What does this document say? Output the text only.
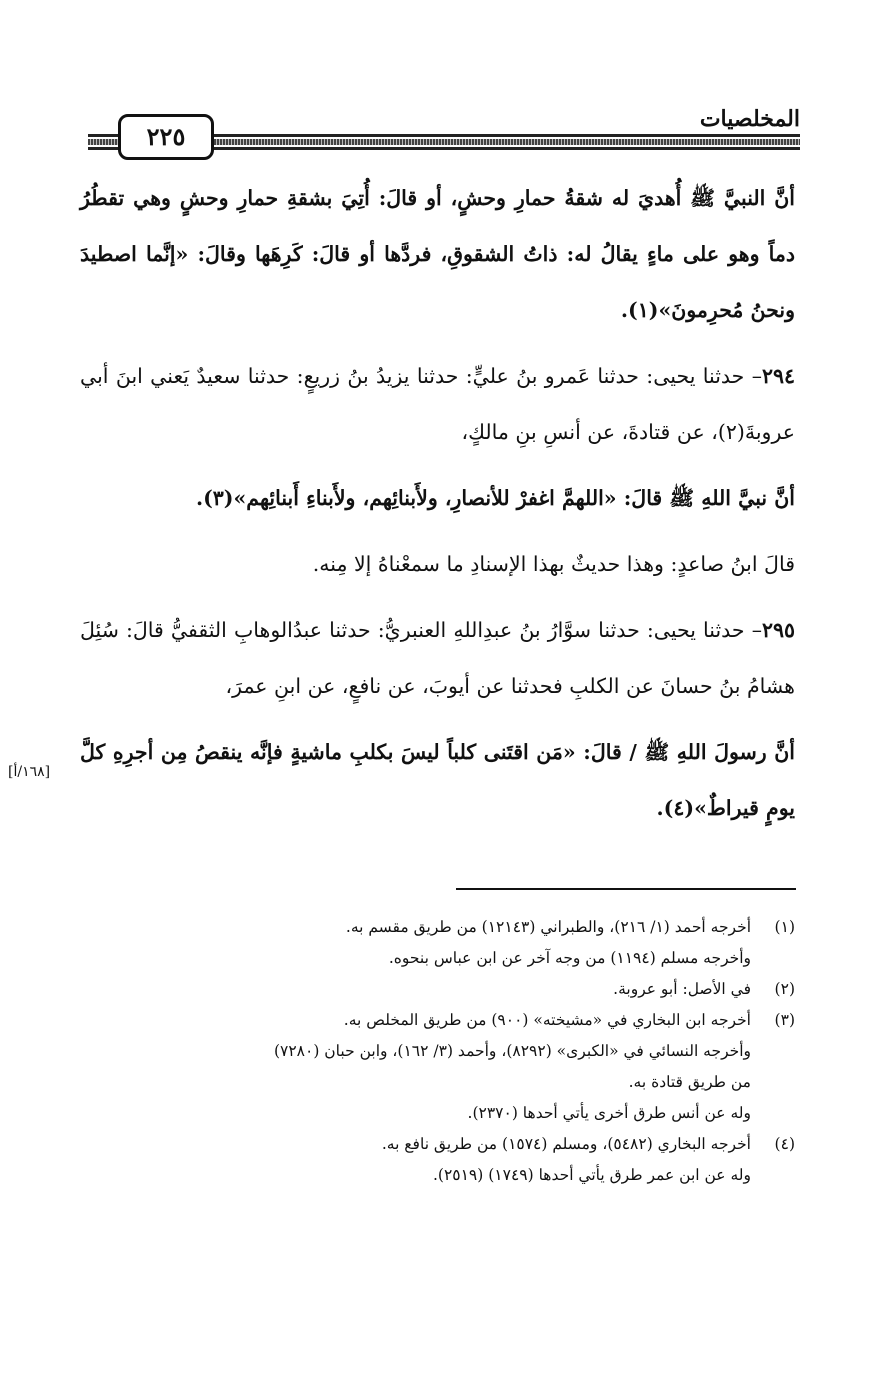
٢٢٥
المخلصيات

أنَّ النبيَّ ﷺ أُهديَ له شقةُ حمارِ وحشٍ، أو قالَ: أُتِيَ بشقةِ حمارِ وحشٍ وهي تقطُرُ دماً وهو على ماءٍ يقالُ له: ذاتُ الشقوقِ، فردَّها أو قالَ: كَرِهَها وقالَ: «إنَّما اصطيدَ ونحنُ مُحرِمونَ»(١).

٢٩٤– حدثنا يحيى: حدثنا عَمرو بنُ عليٍّ: حدثنا يزيدُ بنُ زريعٍ: حدثنا سعيدٌ يَعني ابنَ أبي عروبةَ(٢)، عن قتادةَ، عن أنسِ بنِ مالكٍ،

أنَّ نبيَّ اللهِ ﷺ قالَ: «اللهمَّ اغفرْ للأنصارِ، ولأَبنائِهم، ولأَبناءِ أَبنائِهم»(٣).

قالَ ابنُ صاعدٍ: وهذا حديثٌ بهذا الإسنادِ ما سمعْناهُ إلا مِنه.

٢٩٥– حدثنا يحيى: حدثنا سوَّارُ بنُ عبدِاللهِ العنبريُّ: حدثنا عبدُالوهابِ الثقفيُّ قالَ: سُئِلَ هشامُ بنُ حسانَ عن الكلبِ فحدثنا عن أيوبَ، عن نافعٍ، عن ابنِ عمرَ،

أنَّ رسولَ اللهِ ﷺ / قالَ: «مَن اقتَنى كلباً ليسَ بكلبِ ماشيةٍ فإنَّه ينقصُ مِن أجرِهِ كلَّ يومٍ قيراطٌ»(٤).

[١٦٨/أ]
(١)أخرجه أحمد (١/ ٢١٦)، والطبراني (١٢١٤٣) من طريق مقسم به.
وأخرجه مسلم (١١٩٤) من وجه آخر عن ابن عباس بنحوه.
(٢)في الأصل: أبو عروبة.
(٣)أخرجه ابن البخاري في «مشيخته» (٩٠٠) من طريق المخلص به.
وأخرجه النسائي في «الكبرى» (٨٢٩٢)، وأحمد (٣/ ١٦٢)، وابن حبان (٧٢٨٠)
من طريق قتادة به.
وله عن أنس طرق أخرى يأتي أحدها (٢٣٧٠).
(٤)أخرجه البخاري (٥٤٨٢)، ومسلم (١٥٧٤) من طريق نافع به.
وله عن ابن عمر طرق يأتي أحدها (١٧٤٩) (٢٥١٩).
